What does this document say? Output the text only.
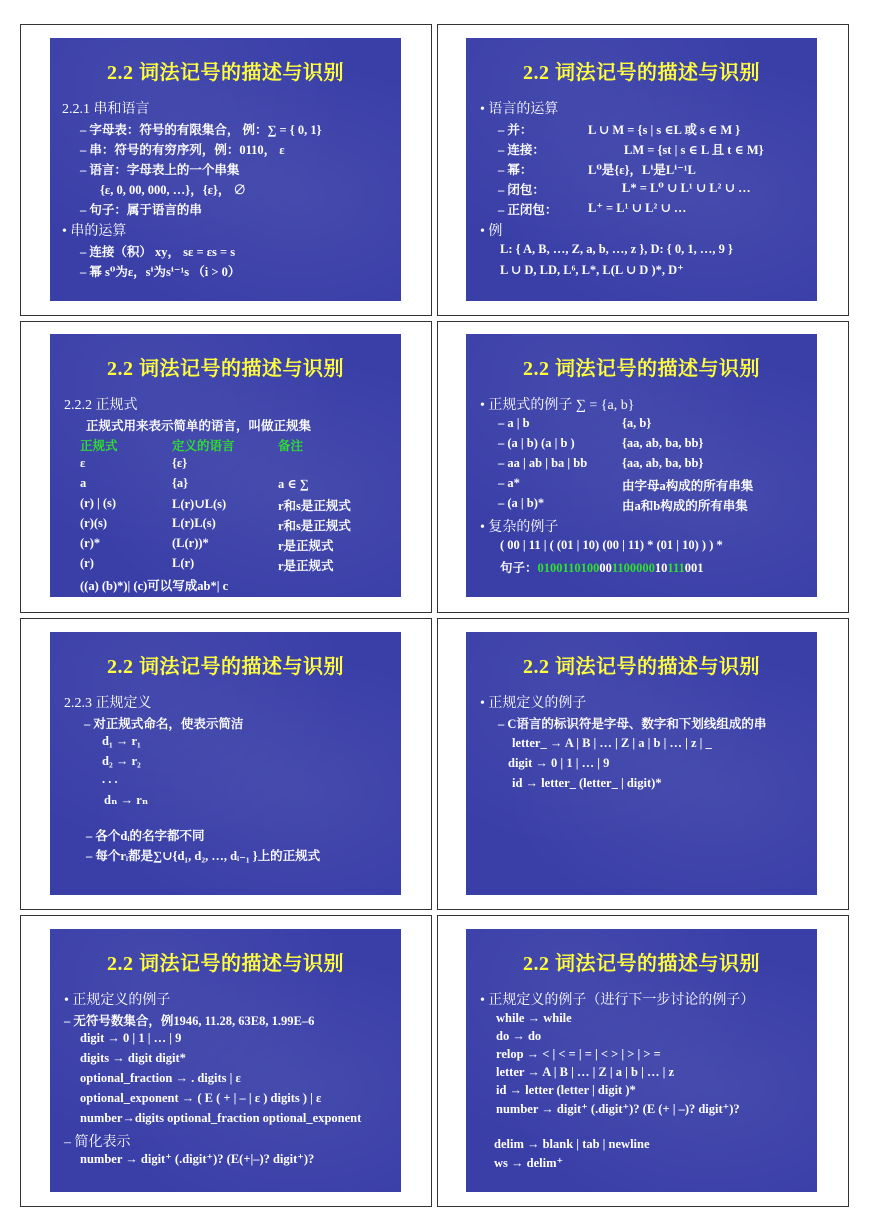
2.2 词法记号的描述与识别
2.2.1 串和语言
– 字母表：符号的有限集合， 例：∑ = { 0, 1}
– 串：符号的有穷序列，例：0110， ε
– 语言：字母表上的一个串集
{ε, 0, 00, 000, …}，{ε}， ∅
– 句子：属于语言的串
• 串的运算
– 连接（积） xy， sε = εs = s
– 幂 s⁰为ε，sⁱ为sⁱ⁻¹s （i > 0）
2.2 词法记号的描述与识别
• 语言的运算
– 并：	L ∪ M = {s | s ∈L 或 s ∈ M }
– 连接：	LM = {st | s ∈ L 且 t ∈ M}
– 幂：	L⁰是{ε}，Lⁱ是Lⁱ⁻¹L
– 闭包：	L* = L⁰ ∪ L¹ ∪ L² ∪ …
– 正闭包： L⁺ = L¹ ∪ L² ∪ …
• 例
L: { A, B, …, Z, a, b, …, z }, D: { 0, 1, …, 9 }
L ∪ D, LD, L⁶, L*, L(L ∪ D )*, D⁺
2.2 词法记号的描述与识别
2.2.2 正规式
正规式用来表示简单的语言，叫做正规集
正规式	定义的语言	备注
ε	{ε}
a	{a}	a ∈ ∑
(r) | (s)	L(r)∪L(s)	r和s是正规式
(r)(s)	L(r)L(s)	r和s是正规式
(r)*	(L(r))*	r是正规式
(r)	L(r)	r是正规式
((a) (b)*)| (c)可以写成ab*| c
2.2 词法记号的描述与识别
• 正规式的例子 ∑ = {a, b}
– a | b	{a, b}
– (a | b) (a | b )	{aa, ab, ba, bb}
– aa | ab | ba | bb	{aa, ab, ba, bb}
– a*	由字母a构成的所有串集
– (a | b)*	由a和b构成的所有串集
• 复杂的例子
( 00 | 11 | ( (01 | 10) (00 | 11) * (01 | 10) ) ) *
句子：010011010000110000010111001
2.2 词法记号的描述与识别
2.2.3 正规定义
– 对正规式命名，使表示简洁
d₁ → r₁
d₂ → r₂
. . .
dₙ → rₙ
– 各个dᵢ的名字都不同
– 每个rᵢ都是∑∪{d₁, d₂, …, dᵢ₋₁ }上的正规式
2.2 词法记号的描述与识别
• 正规定义的例子
– C语言的标识符是字母、数字和下划线组成的串
letter_ → A | B | … | Z | a | b | … | z | _
digit → 0 | 1 | … | 9
id → letter_ (letter_ | digit)*
2.2 词法记号的描述与识别
• 正规定义的例子
– 无符号数集合，例1946, 11.28, 63E8, 1.99E–6
digit → 0 | 1 | … | 9
digits → digit digit*
optional_fraction → . digits | ε
optional_exponent → ( E ( + | – | ε ) digits ) | ε
number→digits optional_fraction optional_exponent
– 简化表示
number → digit⁺ (.digit⁺)? (E(+|–)? digit⁺)?
2.2 词法记号的描述与识别
• 正规定义的例子（进行下一步讨论的例子）
while → while
do → do
relop → < | < = | = | < > | > | > =
letter → A | B | … | Z | a | b | … | z
id → letter (letter | digit )*
number → digit⁺ (.digit⁺)? (E (+ | –)? digit⁺)?
delim → blank | tab | newline
ws → delim⁺
